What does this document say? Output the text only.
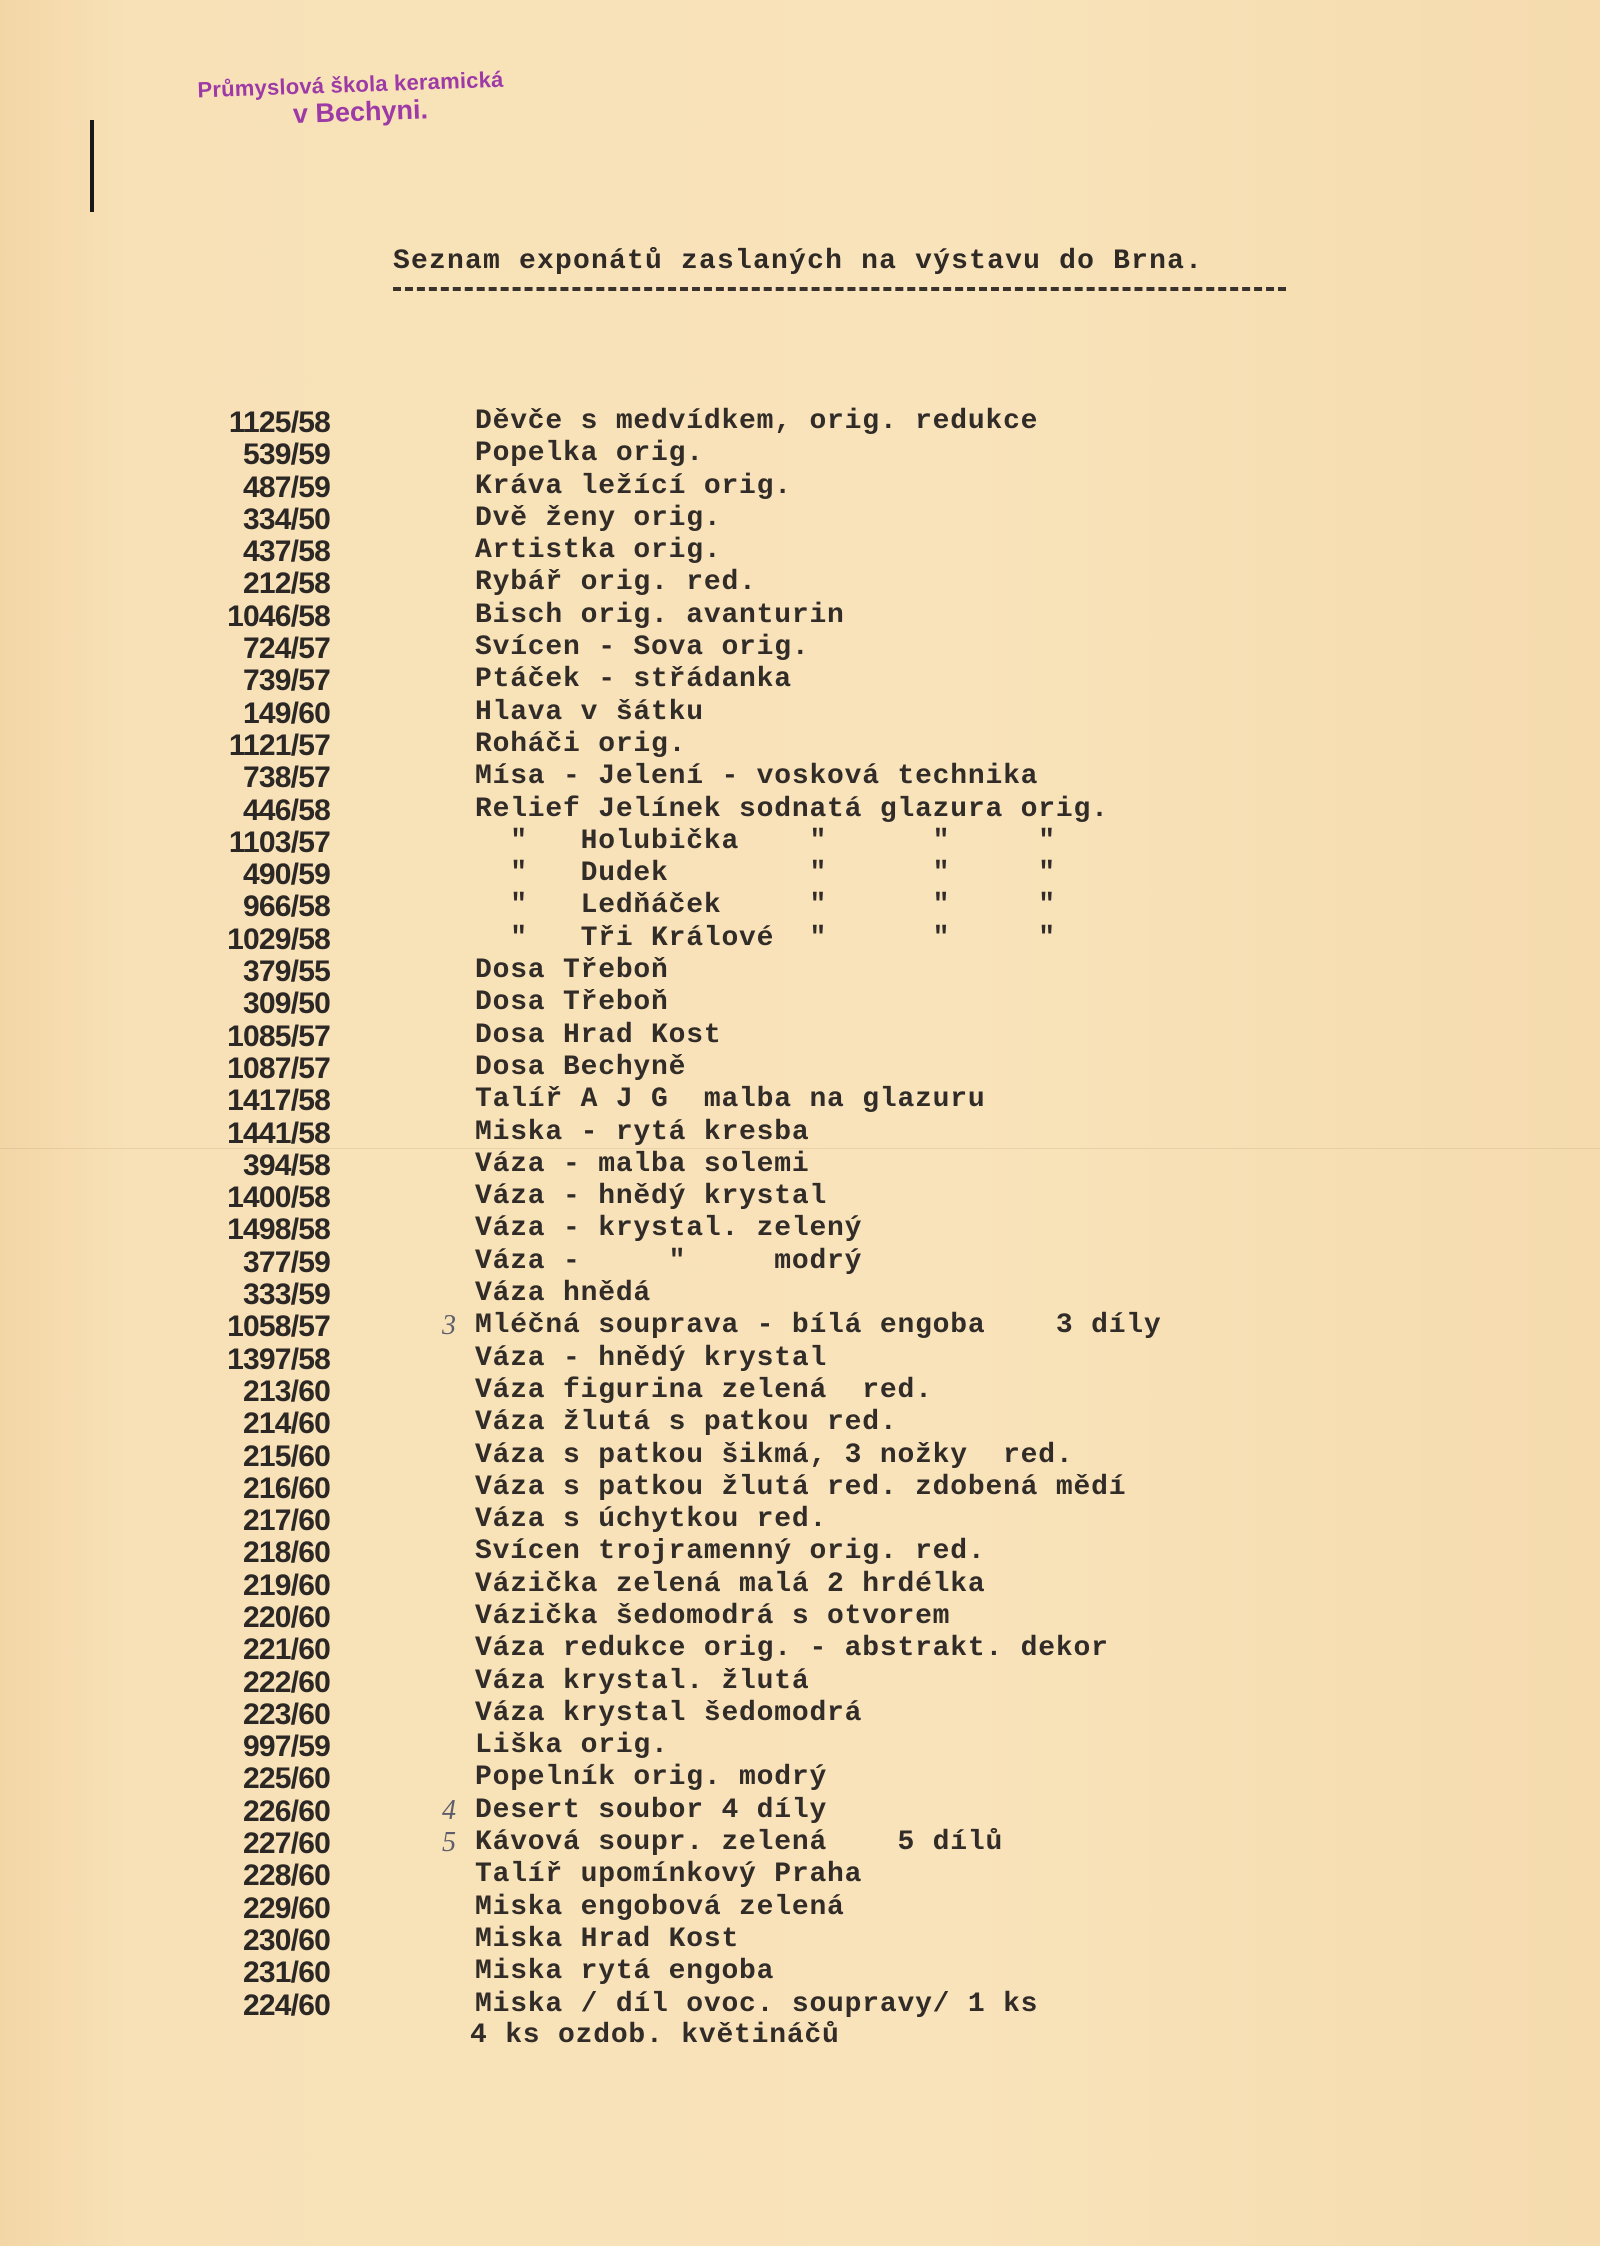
Průmyslová škola keramická
v Bechyni.
Seznam exponátů zaslaných na výstavu do Brna.
1125/58	Děvče s medvídkem, orig. redukce
539/59	Popelka orig.
487/59	Kráva ležící orig.
334/50	Dvě ženy orig.
437/58	Artistka orig.
212/58	Rybář orig. red.
1046/58	Bisch orig. avanturin
724/57	Svícen - Sova orig.
739/57	Ptáček - střádanka
149/60	Hlava v šátku
1121/57	Roháči orig.
738/57	Mísa - Jelení - vosková technika
446/58	Relief Jelínek sodnatá glazura orig.
1103/57	"   Holubička    "      "     "
490/59	"   Dudek        "      "     "
966/58	"   Ledňáček     "      "     "
1029/58	"   Tři Králové  "      "     "
379/55	Dosa Třeboň
309/50	Dosa Třeboň
1085/57	Dosa Hrad Kost
1087/57	Dosa Bechyně
1417/58	Talíř A J G  malba na glazuru
1441/58	Miska - rytá kresba
394/58	Váza - malba solemi
1400/58	Váza - hnědý krystal
1498/58	Váza - krystal. zelený
377/59	Váza -     "     modrý
333/59	Váza hnědá
1058/57	3 Mléčná souprava - bílá engoba    3 díly
1397/58	Váza - hnědý krystal
213/60	Váza figurina zelená  red.
214/60	Váza žlutá s patkou red.
215/60	Váza s patkou šikmá, 3 nožky  red.
216/60	Váza s patkou žlutá red. zdobená mědí
217/60	Váza s úchytkou red.
218/60	Svícen trojramenný orig. red.
219/60	Vázička zelená malá 2 hrdélka
220/60	Vázička šedomodrá s otvorem
221/60	Váza redukce orig. - abstrakt. dekor
222/60	Váza krystal. žlutá
223/60	Váza krystal šedomodrá
997/59	Liška orig.
225/60	Popelník orig. modrý
226/60	4 Desert soubor 4 díly
227/60	5 Kávová soupr. zelená    5 dílů
228/60	Talíř upomínkový Praha
229/60	Miska engobová zelená
230/60	Miska Hrad Kost
231/60	Miska rytá engoba
224/60	Miska / díl ovoc. soupravy/ 1 ks
4 ks ozdob. květináčů
